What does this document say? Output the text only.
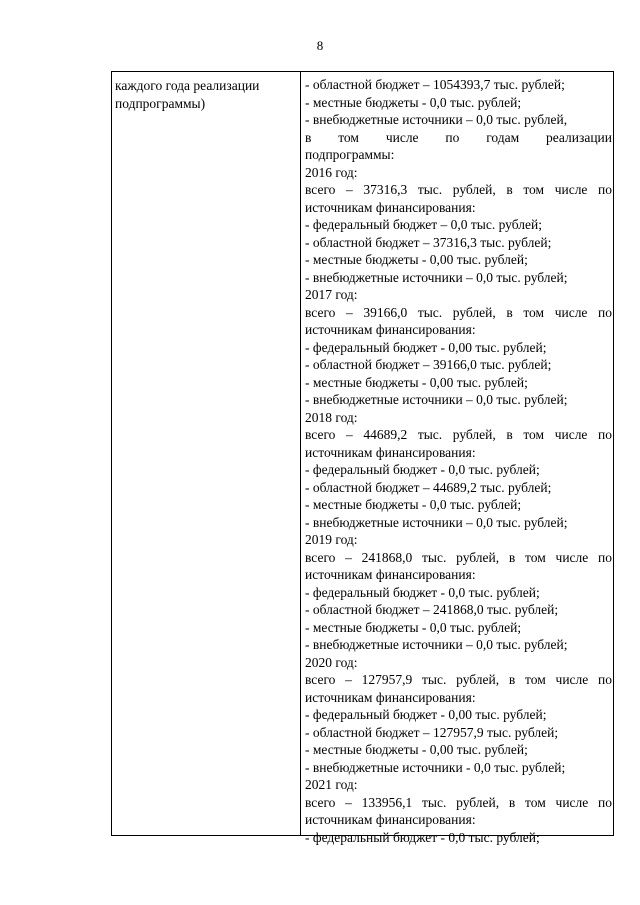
8
каждого года реализации
подпрограммы)
- областной бюджет – 1054393,7 тыс. рублей;
- местные бюджеты - 0,0 тыс. рублей;
- внебюджетные источники – 0,0 тыс. рублей,
в том числе по годам реализации
подпрограммы:
2016 год:
всего – 37316,3 тыс. рублей, в том числе по
источникам финансирования:
- федеральный бюджет – 0,0 тыс. рублей;
- областной бюджет – 37316,3 тыс. рублей;
- местные бюджеты - 0,00 тыс. рублей;
- внебюджетные источники – 0,0 тыс. рублей;
2017 год:
всего – 39166,0 тыс. рублей, в том числе по
источникам финансирования:
- федеральный бюджет - 0,00 тыс. рублей;
- областной бюджет – 39166,0 тыс. рублей;
- местные бюджеты - 0,00 тыс. рублей;
- внебюджетные источники – 0,0 тыс. рублей;
2018 год:
всего – 44689,2 тыс. рублей, в том числе по
источникам финансирования:
- федеральный бюджет - 0,0 тыс. рублей;
- областной бюджет – 44689,2 тыс. рублей;
- местные бюджеты - 0,0 тыс. рублей;
- внебюджетные источники – 0,0 тыс. рублей;
2019 год:
всего – 241868,0 тыс. рублей, в том числе по
источникам финансирования:
- федеральный бюджет - 0,0 тыс. рублей;
- областной бюджет – 241868,0 тыс. рублей;
- местные бюджеты - 0,0 тыс. рублей;
- внебюджетные источники – 0,0 тыс. рублей;
2020 год:
всего – 127957,9 тыс. рублей, в том числе по
источникам финансирования:
- федеральный бюджет - 0,00 тыс. рублей;
- областной бюджет – 127957,9 тыс. рублей;
- местные бюджеты - 0,00 тыс. рублей;
- внебюджетные источники - 0,0 тыс. рублей;
2021 год:
всего – 133956,1 тыс. рублей, в том числе по
источникам финансирования:
- федеральный бюджет - 0,0 тыс. рублей;
